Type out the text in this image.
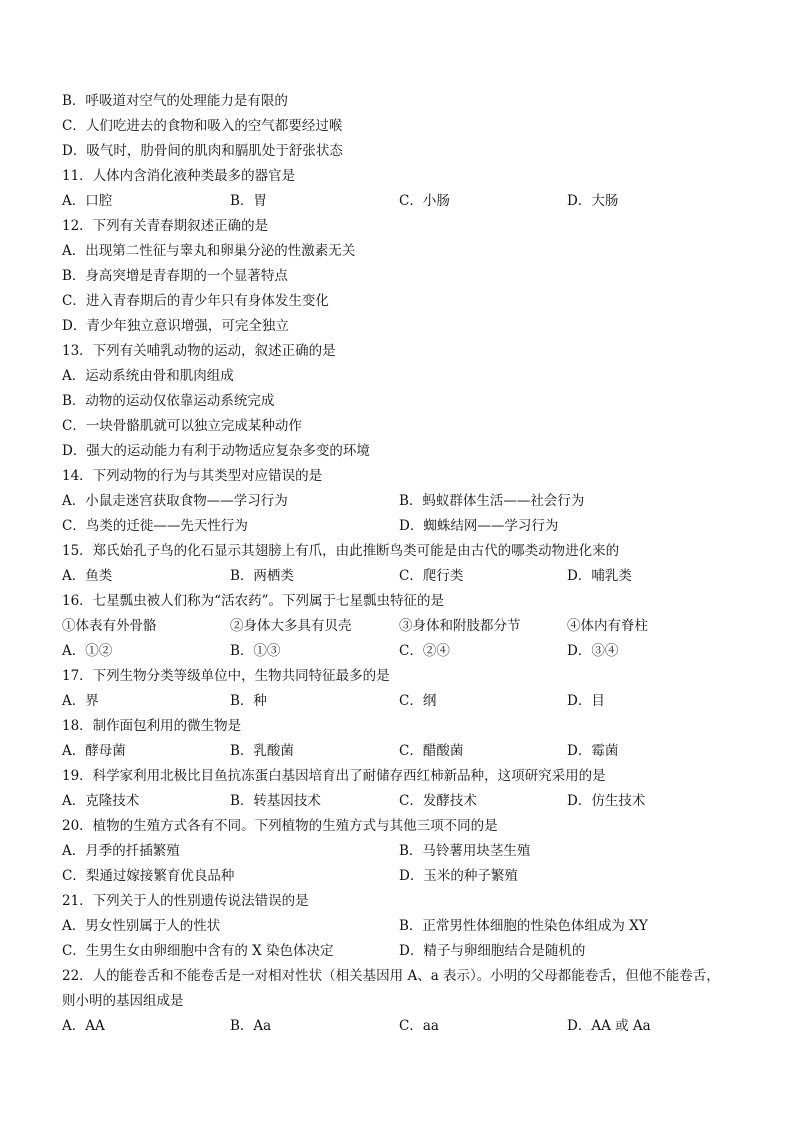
B．呼吸道对空气的处理能力是有限的
C．人们吃进去的食物和吸入的空气都要经过喉
D．吸气时，肋骨间的肌肉和膈肌处于舒张状态
11．人体内含消化液种类最多的器官是
A．口腔	B．胃	C．小肠	D．大肠
12．下列有关青春期叙述正确的是
A．出现第二性征与睾丸和卵巢分泌的性激素无关
B．身高突增是青春期的一个显著特点
C．进入青春期后的青少年只有身体发生变化
D．青少年独立意识增强，可完全独立
13．下列有关哺乳动物的运动，叙述正确的是
A．运动系统由骨和肌肉组成
B．动物的运动仅依靠运动系统完成
C．一块骨骼肌就可以独立完成某种动作
D．强大的运动能力有利于动物适应复杂多变的环境
14．下列动物的行为与其类型对应错误的是
A．小鼠走迷宫获取食物——学习行为	B．蚂蚁群体生活——社会行为
C．鸟类的迁徙——先天性行为	D．蜘蛛结网——学习行为
15．郑氏始孔子鸟的化石显示其翅膀上有爪，由此推断鸟类可能是由古代的哪类动物进化来的
A．鱼类	B．两栖类	C．爬行类	D．哺乳类
16．七星瓢虫被人们称为“活农药”。下列属于七星瓢虫特征的是
①体表有外骨骼	②身体大多具有贝壳	③身体和附肢都分节	④体内有脊柱
A．①②	B．①③	C．②④	D．③④
17．下列生物分类等级单位中，生物共同特征最多的是
A．界	B．种	C．纲	D．目
18．制作面包利用的微生物是
A．酵母菌	B．乳酸菌	C．醋酸菌	D．霉菌
19．科学家利用北极比目鱼抗冻蛋白基因培育出了耐储存西红柿新品种，这项研究采用的是
A．克隆技术	B．转基因技术	C．发酵技术	D．仿生技术
20．植物的生殖方式各有不同。下列植物的生殖方式与其他三项不同的是
A．月季的扦插繁殖	B．马铃薯用块茎生殖
C．梨通过嫁接繁育优良品种	D．玉米的种子繁殖
21．下列关于人的性别遗传说法错误的是
A．男女性别属于人的性状	B．正常男性体细胞的性染色体组成为 XY
C．生男生女由卵细胞中含有的 X 染色体决定	D．精子与卵细胞结合是随机的
22．人的能卷舌和不能卷舌是一对相对性状（相关基因用 A、a 表示）。小明的父母都能卷舌，但他不能卷舌，
则小明的基因组成是
A．AA	B．Aa	C．aa	D．AA 或 Aa
